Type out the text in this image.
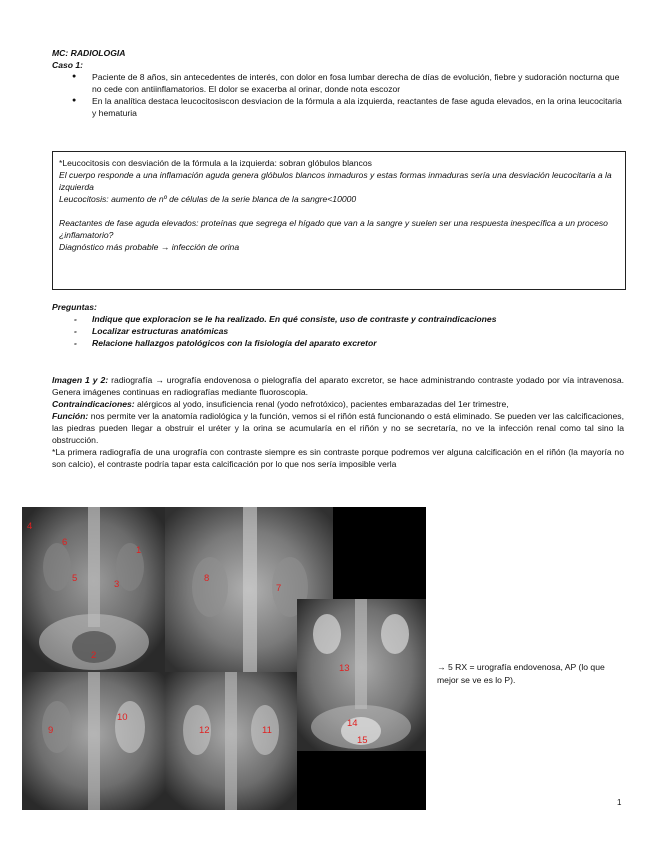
MC: RADIOLOGIA
Caso 1:
● Paciente de 8 años, sin antecedentes de interés, con dolor en fosa lumbar derecha de días de evolución, fiebre y sudoración nocturna que no cede con antiinflamatorios. El dolor se exacerba al orinar, donde nota escozor
● En la analítica destaca leucocitosiscon desviacion de la fórmula a ala izquierda, reactantes de fase aguda elevados, en la orina leucocitaria y hematuria
*Leucocitosis con desviación de la fórmula a la izquierda: sobran glóbulos blancos
El cuerpo responde a una inflamación aguda genera glóbulos blancos inmaduros y estas formas inmaduras sería una desviación leucocitaria a la izquierda
Leucocitosis: aumento de nº de células de la serie blanca de la sangre<10000
Reactantes de fase aguda elevados: proteínas que segrega el hígado que van a la sangre y suelen ser una respuesta inespecífica a un proceso ¿inflamatorio?
Diagnóstico más probable → infección de orina
Preguntas:
- Indique que exploracion se le ha realizado. En qué consiste, uso de contraste y contraindicaciones
- Localizar estructuras anatómicas
- Relacione hallazgos patológicos con la fisiología del aparato excretor
Imagen 1 y 2: radiografía → urografía endovenosa o pielografía del aparato excretor, se hace administrando contraste yodado por vía intravenosa. Genera imágenes continuas en radiografías mediante fluoroscopia.
Contraindicaciones: alérgicos al yodo, insuficiencia renal (yodo nefrotóxico), pacientes embarazadas del 1er trimestre,
Función: nos permite ver la anatomía radiológica y la función, vemos si el riñón está funcionando o está eliminado. Se pueden ver las calcificaciones, las piedras pueden llegar a obstruir el uréter y la orina se acumularía en el riñón y no se secretaría, no ve la infección renal como tal sino la obstrucción.
*La primera radiografía de una urografía con contraste siempre es sin contraste porque podremos ver alguna calcificación en el riñón (la mayoría no son calcio), el contraste podría tapar esta calcificación por lo que nos sería imposible verla
4
6
1
5
3
2
8
7
10
9	12	11
13
14
15
→ 5 RX = urografía endovenosa, AP (lo que mejor se ve es lo P).
1
